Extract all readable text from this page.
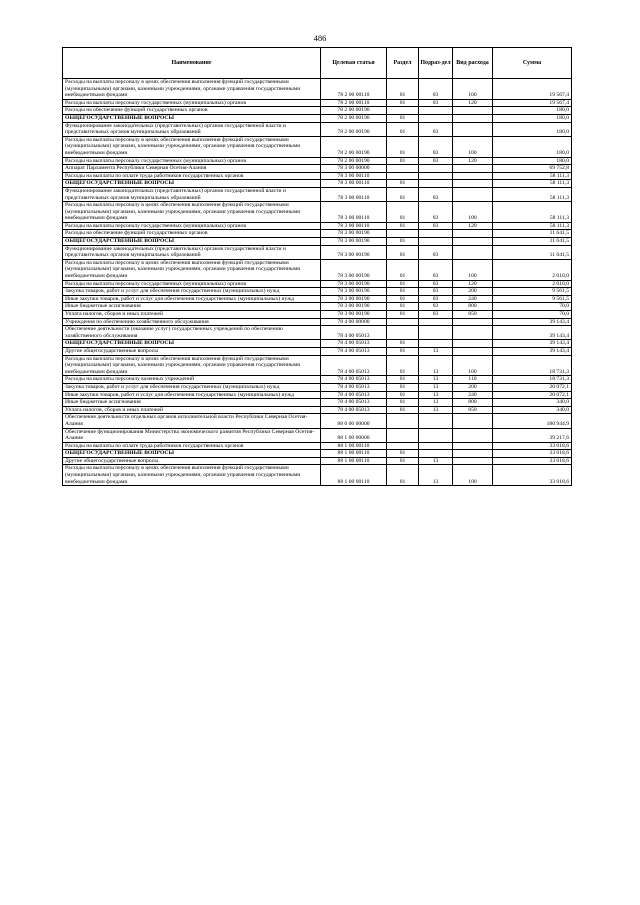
486
Наименование	Целевая статья	Раздел	Подраз-дел	Вид расхода	Сумма
Расходы на выплаты персоналу в целях обеспечения выполнения функций государственными (муниципальными) органами, казенными учреждениями, органами управления государственными внебюджетными фондами	78 2 00 00110	01	03	100	19 567,4
Расходы на выплаты персоналу государственных (муниципальных) органов	78 2 00 00110	01	03	120	19 567,4
Расходы на обеспечение функций государственных органов	78 2 00 00190				180,0
ОБЩЕГОСУДАРСТВЕННЫЕ ВОПРОСЫ	78 2 00 00190	01			180,0
Функционирование законодательных (представительных) органов государственной власти и представительных органов муниципальных образований	78 2 00 00190	01	03		180,0
Расходы на выплаты персоналу в целях обеспечения выполнения функций государственными (муниципальными) органами, казенными учреждениями, органами управления государственными внебюджетными фондами	78 2 00 00190	01	03	100	180,0
Расходы на выплаты персоналу государственных (муниципальных) органов	78 2 00 00190	01	03	120	180,0
Аппарат Парламента Республики Северная Осетия-Алания	78 3 00 00000				69 752,8
Расходы на выплаты по оплате труда работников государственных органов	78 3 00 00110				58 111,3
ОБЩЕГОСУДАРСТВЕННЫЕ ВОПРОСЫ	78 3 00 00110	01			58 111,3
Функционирование законодательных (представительных) органов государственной власти и представительных органов муниципальных образований	78 3 00 00110	01	03		58 111,3
Расходы на выплаты персоналу в целях обеспечения выполнения функций государственными (муниципальными) органами, казенными учреждениями, органами управления государственными внебюджетными фондами	78 3 00 00110	01	03	100	58 111,3
Расходы на выплаты персоналу государственных (муниципальных) органов	78 3 00 00110	01	03	120	58 111,3
Расходы на обеспечение функций государственных органов	78 3 00 00190				11 641,5
ОБЩЕГОСУДАРСТВЕННЫЕ ВОПРОСЫ	78 3 00 00190	01			11 641,5
Функционирование законодательных (представительных) органов государственной власти и представительных органов муниципальных образований	78 3 00 00190	01	03		11 641,5
Расходы на выплаты персоналу в целях обеспечения выполнения функций государственными (муниципальными) органами, казенными учреждениями, органами управления государственными внебюджетными фондами	78 3 00 00190	01	03	100	2 010,0
Расходы на выплаты персоналу государственных (муниципальных) органов	78 3 00 00190	01	03	120	2 010,0
Закупка товаров, работ и услуг для обеспечения государственных (муниципальных) нужд	78 3 00 00190	01	03	200	9 561,5
Иные закупки товаров, работ и услуг для обеспечения государственных (муниципальных) нужд	78 3 00 00190	01	03	240	9 561,5
Иные бюджетные ассигнования	78 3 00 00190	01	03	800	70,0
Уплата налогов, сборов и иных платежей	78 3 00 00190	01	03	850	70,0
Учреждения по обеспечению хозяйственного обслуживания	78 4 00 00000				39 143,4
Обеспечение деятельности (оказание услуг) государственных учреждений по обеспечению хозяйственного обслуживания	78 4 00 05013				39 143,4
ОБЩЕГОСУДАРСТВЕННЫЕ ВОПРОСЫ	78 4 00 05013	01			39 143,4
Другие общегосударственные вопросы	78 4 00 05013	01	13		39 143,4
Расходы на выплаты персоналу в целях обеспечения выполнения функций государственными (муниципальными) органами, казенными учреждениями, органами управления государственными внебюджетными фондами	78 4 00 05013	01	13	100	18 731,3
Расходы на выплаты персоналу казенных учреждений	78 4 00 05013	01	13	110	18 731,3
Закупка товаров, работ и услуг для обеспечения государственных (муниципальных) нужд	78 4 00 05013	01	13	200	20 072,1
Иные закупки товаров, работ и услуг для обеспечения государственных (муниципальных) нужд	78 4 00 05013	01	13	240	20 072,1
Иные бюджетные ассигнования	78 4 00 05013	01	13	800	340,0
Уплата налогов, сборов и иных платежей	78 4 00 05013	01	13	850	340,0
Обеспечение деятельности отдельных органов исполнительной власти Республики Северная Осетия-Алания	88 0 00 00000				180 944,9
Обеспечение функционирования Министерства экономического развития Республики Северная Осетия-Алания	88 1 00 00000				39 217,6
Расходы на выплаты по оплате труда работников государственных органов	88 1 00 00110				33 018,6
ОБЩЕГОСУДАРСТВЕННЫЕ ВОПРОСЫ	88 1 00 00110	01			33 018,6
Другие общегосударственные вопросы	88 1 00 00110	01	13		33 018,6
Расходы на выплаты персоналу в целях обеспечения выполнения функций государственными (муниципальными) органами, казенными учреждениями, органами управления государственными внебюджетными фондами	88 1 00 00110	01	13	100	33 018,6
